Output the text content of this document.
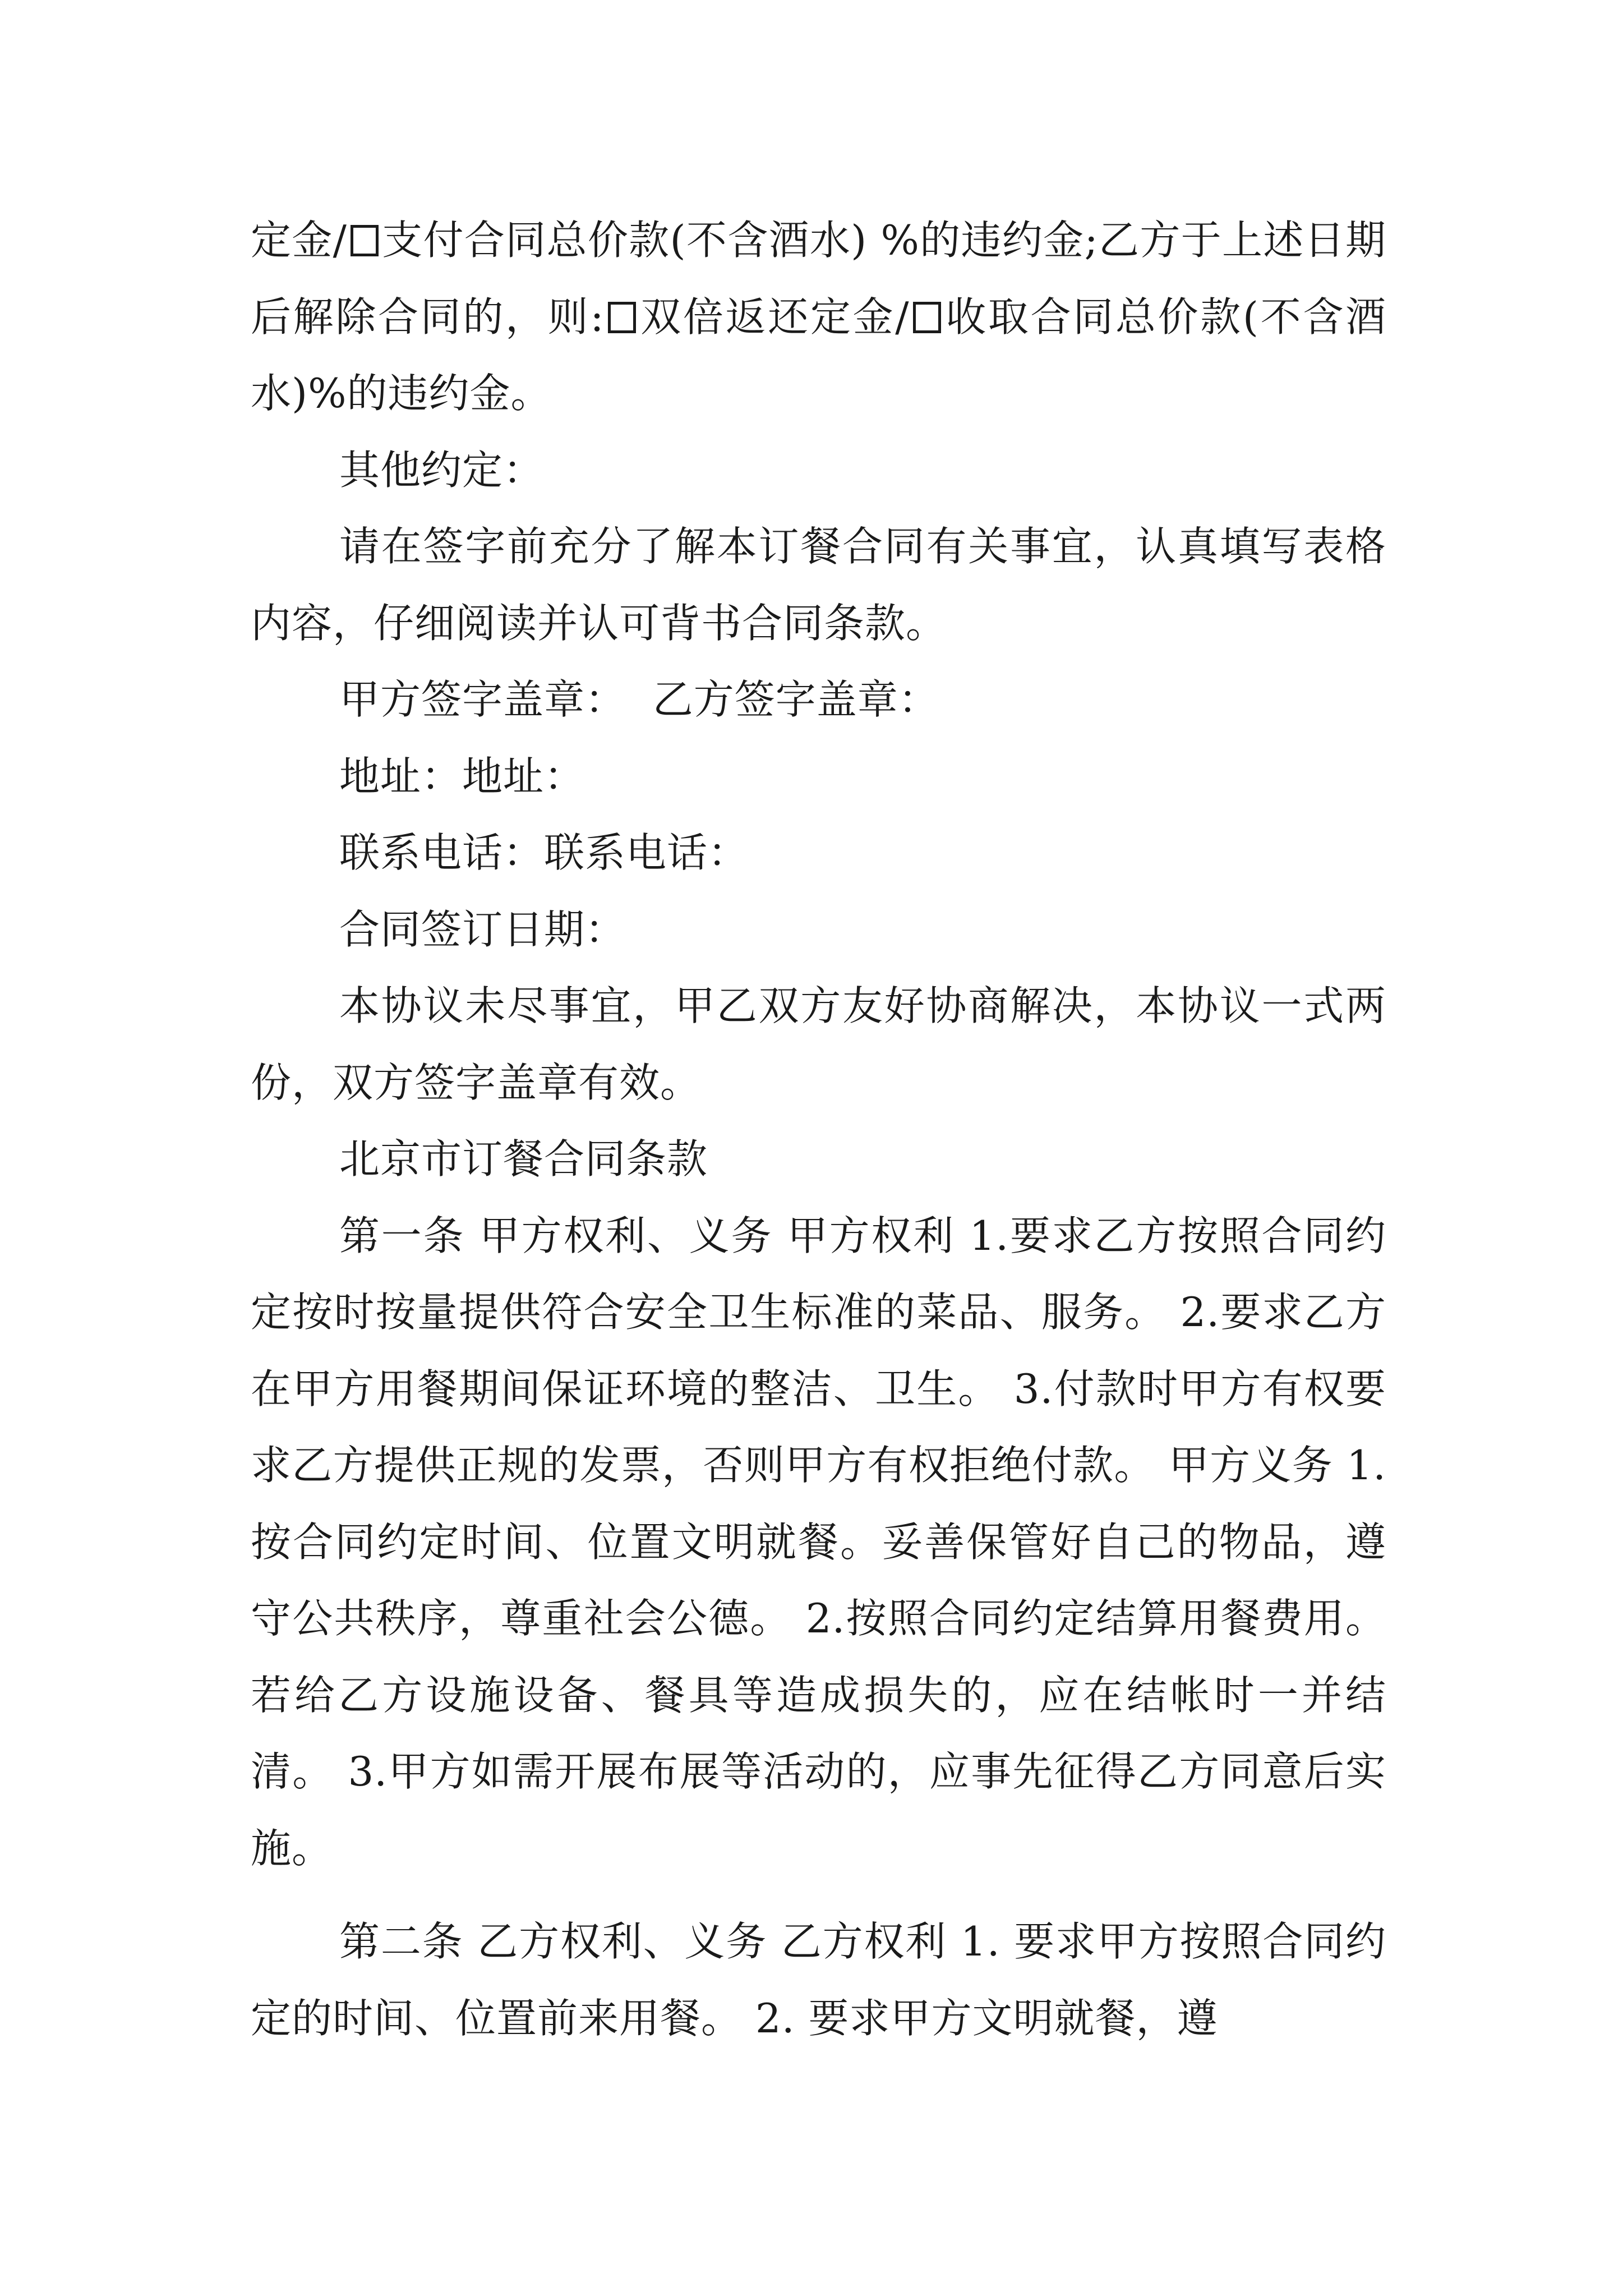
定金/ 支付合同总价款(不含酒水) %的违约金;乙方于上述日期后解除合同的，则: 双倍返还定金/ 收取合同总价款(不含酒水)%的违约金。

其他约定：

请在签字前充分了解本订餐合同有关事宜，认真填写表格内容，仔细阅读并认可背书合同条款。

甲方签字盖章：  乙方签字盖章：

地址：地址：

联系电话：联系电话：

合同签订日期：

本协议未尽事宜，甲乙双方友好协商解决，本协议一式两份，双方签字盖章有效。

北京市订餐合同条款

第一条 甲方权利、义务 甲方权利 1.要求乙方按照合同约定按时按量提供符合安全卫生标准的菜品、服务。 2.要求乙方在甲方用餐期间保证环境的整洁、卫生。 3.付款时甲方有权要求乙方提供正规的发票，否则甲方有权拒绝付款。 甲方义务 1.按合同约定时间、位置文明就餐。妥善保管好自己的物品，遵守公共秩序，尊重社会公德。 2.按照合同约定结算用餐费用。若给乙方设施设备、餐具等造成损失的，应在结帐时一并结清。 3.甲方如需开展布展等活动的，应事先征得乙方同意后实施。

第二条 乙方权利、义务 乙方权利 1. 要求甲方按照合同约定的时间、位置前来用餐。 2. 要求甲方文明就餐，遵
